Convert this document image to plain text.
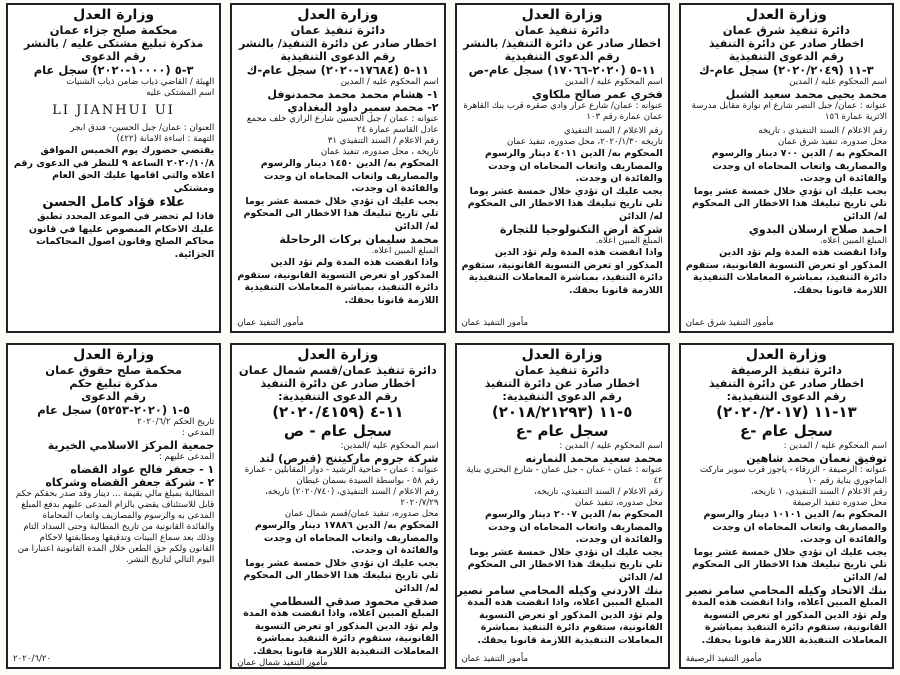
وزارة العدل
دائرة تنفيذ شرق عمان
اخطار صادر عن دائرة التنفيذ
رقم الدعوى التنفيذية
٣-١١ (٢٠٢٠/٢٠٤٩) سجل عام-ك
اسم المحكوم عليه / المدين
محمد يحيى محمد سعيد الشبل
عنوانه : عمان/ جبل النصر شارع ام نوارة مقابل مدرسة الاثرية عمارة ١٥٦
رقم الاعلام / السند التنفيذي ، تاريخه
محل صدوره، تنفيذ شرق عمان
المحكوم به / الدين ٧٠٠ دينار والرسوم والمصاريف واتعاب المحاماه ان وجدت والفائدة ان وجدت.
يجب عليك ان تؤدي خلال خمسة عشر يوما تلي تاريخ تبليغك هذا الاخطار الى المحكوم له/ الدائن
احمد صلاح ارسلان البدوي
المبلغ المبين اعلاه.
واذا انقضت هذه المدة ولم تؤد الدين المذكور او تعرض التسوية القانونية، ستقوم دائرة التنفيذ، بمباشرة المعاملات التنفيذية اللازمة قانونا بحقك.
مأمور التنفيذ شرق عمان
وزارة العدل
دائرة تنفيذ عمان
اخطار صادر عن دائرة التنفيذ/ بالنشر
رقم الدعوى التنفيذية
١١-٥ (٢٠٢٠-١٧٠٦٦) سجل عام-ص
اسم المحكوم عليه / المدين
فخري عمر صالح ملكاوي
عنوانه : عمان/ شارع عرار وادي صقره قرب بنك القاهرة عمان عمارة رقم ١٠٣
رقم الاعلام / السند التنفيذي
تاريخه ٢٠٢٠/١/٣٠، محل صدوره، تنفيذ عمان
المحكوم به/ الدين ٤٠١١ دينار والرسوم والمصاريف واتعاب المحاماه ان وجدت والفائدة ان وجدت.
يجب عليك ان تؤدي خلال خمسة عشر يوما تلي تاريخ تبليغك هذا الاخطار الى المحكوم له/ الدائن
شركة ارض التكنولوجيا للتجارة
المبلغ المبين اعلاه.
واذا انقضت هذه المدة ولم تؤد الدين المذكور او تعرض التسوية القانونية، ستقوم دائرة التنفيذ، بمباشرة المعاملات التنفيذية اللازمة قانونا بحقك.
مأمور التنفيذ عمان
وزارة العدل
دائرة تنفيذ عمان
اخطار صادر عن دائرة التنفيذ/ بالنشر
رقم الدعوى التنفيذية
١١-٥ (١٧٦٨٤-٢٠٢٠) سجل عام-ك
اسم المحكوم عليه / المدين
١- هشام محمد محمد محمدنوفل
٢- محمد سمير داود البغدادي
عنوانه : عمان / جبل الحسين شارع الرازي خلف مجمع عادل القاسم عمارة ٢٤
رقم الاعلام / السند التنفيذي ٣١
تاريخه ، محل صدوره، تنفيذ عمان
المحكوم به/ الدين ١٤٥٠ دينار والرسوم والمصاريف واتعاب المحاماه ان وجدت والفائدة ان وجدت.
يجب عليك ان تؤدي خلال خمسة عشر يوما تلي تاريخ تبليغك هذا الاخطار الى المحكوم له/ الدائن
محمد سليمان بركات الرحاحلة
المبلغ المبين اعلاه.
واذا انقضت هذه المدة ولم تؤد الدين المذكور او تعرض التسوية القانونية، ستقوم دائرة التنفيذ، بمباشرة المعاملات التنفيذية اللازمة قانونا بحقك.
مأمور التنفيذ عمان
وزارة العدل
محكمة صلح جزاء عمان
مذكرة تبليغ مشتكى عليه / بالنشر
رقم الدعوى
٣-٥ (١٠٠٠٠-٢٠٢٠) سجل عام
الهيئة / القاضي ذياب ضامن ذياب الشنيات
اسم المشتكى عليه
LI JIANHUI UI
العنوان : عمان/ جبل الحسين- فندق ابجر
التهمة : اساءة الامانة (٤٢٢)
يقتضي حضورك يوم الخميس الموافق ٢٠٢٠/١٠/٨ الساعة ٩ للنظر في الدعوى رقم اعلاه والتي اقامها عليك الحق العام ومشتكي
علاء فؤاد كامل الحسن
فاذا لم تحضر في الموعد المحدد تطبق عليك الاحكام المنصوص عليها في قانون محاكم الصلح وقانون اصول المحاكمات الجزائية.
وزارة العدل
دائرة تنفيذ الرصيفة
اخطار صادر عن دائرة التنفيذ
رقم الدعوى التنفيذية:
١٣-١١ (٢٠٢٠/٢٠١٧)
سجل عام -ع
اسم المحكوم عليه / المدين :
توفيق نعمان محمد شاهين
عنوانه : الرصيفة - الزرقاء - ياجوز قرب سوبر ماركت الماجوري بناية رقم ١٠
رقم الاعلام / السند التنفيذي، ١ تاريخه،
محل صدوره تنفيذ الرصيفة
المحكوم به/ الدين ١٠١٠١ دينار والرسوم والمصاريف واتعاب المحاماه ان وجدت والفائدة ان وجدت.
يجب عليك ان تؤدي خلال خمسة عشر يوما تلي تاريخ تبليغك هذا الاخطار الى المحكوم له/ الدائن
بنك الاتحاد وكيله المحامي سامر نصير
المبلغ المبين اعلاه، واذا انقضت هذه المدة ولم تؤد الدين المذكور او تعرض التسوية القانونية، ستقوم دائرة التنفيذ بمباشرة المعاملات التنفيذية اللازمة قانونا بحقك.
مأمور التنفيذ الرصيفة
وزارة العدل
دائرة تنفيذ عمان
اخطار صادر عن دائرة التنفيذ
رقم الدعوى التنفيذية:
٥-١١ (٢٠١٨/٢١٢٩٣)
سجل عام -ع
اسم المحكوم عليه / المدين :
محمد سعيد محمد النمارنه
عنوانه : عمان - عمان - جبل عمان - شارع البحتري بناية ٤٢
رقم الاعلام / السند التنفيذي، تاريخه،
محل صدوره، تنفيذ عمان
المحكوم به/ الدين ٢٠٠٧ دينار والرسوم والمصاريف واتعاب المحاماه ان وجدت والفائدة ان وجدت.
يجب عليك ان تؤدي خلال خمسة عشر يوما تلي تاريخ تبليغك هذا الاخطار الى المحكوم له/ الدائن
بنك الاردني وكيله المحامي سامر نصير
المبلغ المبين اعلاه، واذا انقضت هذه المدة ولم تؤد الدين المذكور او تعرض التسوية القانونية، ستقوم دائرة التنفيذ بمباشرة المعاملات التنفيذية اللازمة قانونا بحقك.
مأمور التنفيذ عمان
وزارة العدل
دائرة تنفيذ عمان/قسم شمال عمان
اخطار صادر عن دائرة التنفيذ
رقم الدعوى التنفيذية:
١١-٤ (٢٠٢٠/٤١٥٩)
سجل عام - ص
اسم المحكوم عليه /المدين:
شركة جروم ماركيتنج (قبرص) لتد
عنوانه : عمان - ضاحية الرشيد - دوار المقابلين - عمارة رقم ٥٨ - بواسطة السيدة بسمان غيطان
رقم الاعلام / السند التنفيذي، (٢٠٢٠/٧٤٠) تاريخه، ٢٠٢٠/٧/٢٩
محل صدوره، تنفيذ عمان/قسم شمال عمان
المحكوم به/ الدين ١٧٨٨٦ دينار والرسوم والمصاريف واتعاب المحاماه ان وجدت والفائدة ان وجدت.
يجب عليك ان تؤدي خلال خمسة عشر يوما تلي تاريخ تبليغك هذا الاخطار الى المحكوم له/ الدائن
صدقي محمود صدقي السطامي
المبلغ المبين اعلاه، واذا انقضت هذه المدة ولم تؤد الدين المذكور او تعرض التسوية القانونية، ستقوم دائرة التنفيذ بمباشرة المعاملات التنفيذية اللازمة قانونا بحقك.
مأمور التنفيذ شمال عمان
وزارة العدل
محكمة صلح حقوق عمان
مذكرة تبليغ حكم
رقم الدعوى
٥-١ (٢٠٢٠-٥٢٥٣) سجل عام
تاريخ الحكم ٢٠٢٠/٦/٢
المدعي :
جمعية المركز الاسلامي الخيرية
المدعى عليهم :
١ - جعفر فالح عواد القضاه
٢ - شركة جعفر القضاه وشركاه
المطالبة بمبلغ مالي بقيمة ... دينار وقد صدر بحقكم حكم قابل للاستئناف يقضي بالزام المدعى عليهم بدفع المبلغ المدعى به والرسوم والمصاريف واتعاب المحاماة والفائدة القانونية من تاريخ المطالبة وحتى السداد التام وذلك بعد سماع البينات وتدقيقها ومطابقتها لاحكام القانون ولكم حق الطعن خلال المدة القانونية اعتبارا من اليوم التالي لتاريخ النشر.
٢٠٢٠/٦/٢٠
